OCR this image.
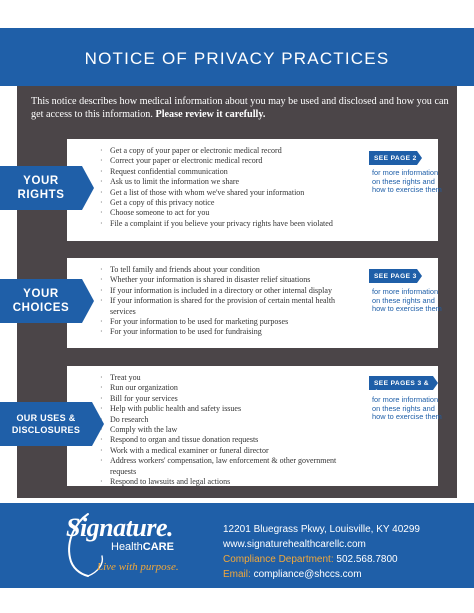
NOTICE OF PRIVACY PRACTICES
This notice describes how medical information about you may be used and disclosed and how you can get access to this information. Please review it carefully.
· Get a copy of your paper or electronic medical record
· Correct your paper or electronic medical record
· Request confidential communication
· Ask us to limit the information we share
· Get a list of those with whom we've shared your information
· Get a copy of this privacy notice
· Choose someone to act for you
· File a complaint if you believe your privacy rights have been violated
YOUR
RIGHTS
SEE PAGE 2
for more information on these rights and how to exercise them
· To tell family and friends about your condition
· Whether your information is shared in disaster relief situations
· If your information is included in a directory or other internal display
· If your information is shared for the provision of certain mental health services
· For your information to be used for marketing purposes
· For your information to be used for fundraising
YOUR
CHOICES
SEE PAGE 3
for more information on these rights and how to exercise them
· Treat you
· Run our organization
· Bill for your services
· Help with public health and safety issues
· Do research
· Comply with the law
· Respond to organ and tissue donation requests
· Work with a medical examiner or funeral director
· Address workers' compensation, law enforcement & other government requests
· Respond to lawsuits and legal actions
OUR USES &
DISCLOSURES
SEE PAGES 3 & 4
for more information on these rights and how to exercise them
Signature.
HealthCARE
Live with purpose.
12201 Bluegrass Pkwy, Louisville, KY 40299
www.signaturehealthcarellc.com
Compliance Department: 502.568.7800
Email: compliance@shccs.com
